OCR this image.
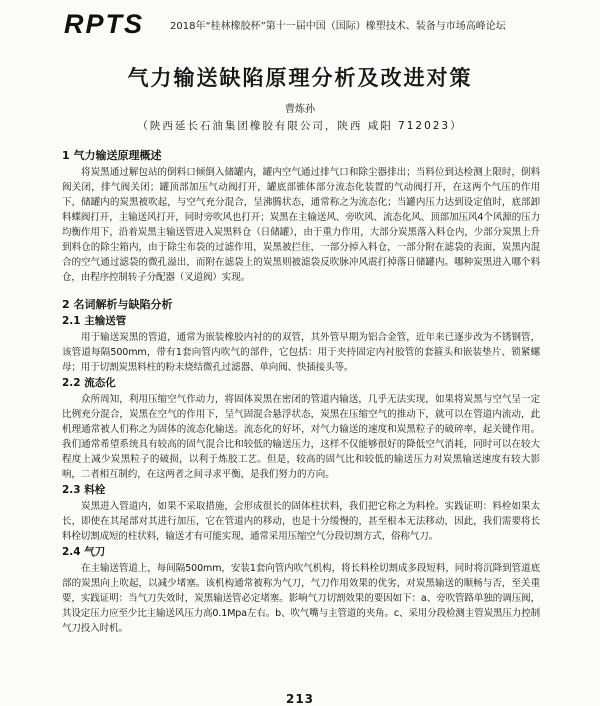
RPTS	2018年“桂林橡胶杯”第十一届中国（国际）橡塑技术、装备与市场高峰论坛
气力输送缺陷原理分析及改进对策
曹炼孙
（陕西延长石油集团橡胶有限公司，陕西 咸阳 712023）
1 气力输送原理概述

将炭黑通过解包站的倒料口倾倒入储罐内，罐内空气通过排气口和除尘器排出；当料位到达检测上限时，倒料阀关闭，排气阀关闭；罐顶部加压气动阀打开，罐底部锥体部分流态化装置的气动阀打开，在这两个气压的作用下，储罐内的炭黑被吹起，与空气充分混合，呈沸腾状态，通常称之为流态化；当罐内压力达到设定值时，底部卸料蝶阀打开，主输送风打开，同时旁吹风也打开；炭黑在主输送风、旁吹风、流态化风、顶部加压风4个风源的压力均衡作用下，沿着炭黑主输送管进入炭黑料仓（日储罐），由于重力作用，大部分炭黑落入料仓内，少部分炭黑上升到料仓的除尘箱内，由于除尘布袋的过滤作用，炭黑被拦住，一部分掉入料仓，一部分附在滤袋的表面，炭黑内混合的空气通过滤袋的微孔溢出，而附在滤袋上的炭黑则被滤袋反吹脉冲风震打掉落日储罐内。哪种炭黑进入哪个料仓，由程序控制转子分配器（叉道阀）实现。

2 名词解析与缺陷分析
2.1 主输送管

用于输送炭黑的管道，通常为嵌装橡胶内衬的的双管，其外管早期为铝合金管，近年来已逐步改为不锈钢管，该管道每隔500mm，带有1套向管内吹气的部件，它包括：用于夹持固定内衬胶管的套箍头和嵌装垫片、锁紧螺母；用于切割炭黑料柱的粉末烧结微孔过滤器、单向阀、快插接头等。

2.2 流态化

众所周知，利用压缩空气作动力，将固体炭黑在密闭的管道内输送，几乎无法实现，如果将炭黑与空气呈一定比例充分混合，炭黑在空气的作用下，呈气固混合悬浮状态，炭黑在压缩空气的推动下，就可以在管道内流动，此机理通常被人们称之为固体的流态化输送。流态化的好坏，对气力输送的速度和炭黑粒子的破碎率，起关键作用。我们通常希望系统具有较高的固气混合比和较低的输送压力，这样不仅能够很好的降低空气消耗，同时可以在较大程度上减少炭黑粒子的破损，以利于炼胶工艺。但是，较高的固气比和较低的输送压力对炭黑输送速度有较大影响，二者相互制约，在这两者之间寻求平衡，是我们努力的方向。

2.3 料栓

炭黑进入管道内，如果不采取措施，会形成很长的固体柱状料，我们把它称之为料栓。实践证明：料栓如果太长，即使在其尾部对其进行加压，它在管道内的移动，也是十分缓慢的，甚至根本无法移动，因此，我们需要将长料栓切割成短的柱状料，输送才有可能实现，通常采用压缩空气分段切割方式，俗称气刀。

2.4 气刀

在主输送管道上，每间隔500mm，安装1套向管内吹气机构，将长料栓切割成多段短料，同时将沉降到管道底部的炭黑向上吹起，以减少堵塞。该机构通常被称为气刀，气刀作用效果的优劣，对炭黑输送的顺畅与否，至关重要，实践证明：当气刀失效时，炭黑输送管必定堵塞。影响气刀切割效果的要因如下：a、旁吹管路单独的调压阀，其设定压力应至少比主输送风压力高0.1Mpa左右。b、吹气嘴与主管道的夹角。c、采用分段检测主管炭黑压力控制气刀投入时机。

213
